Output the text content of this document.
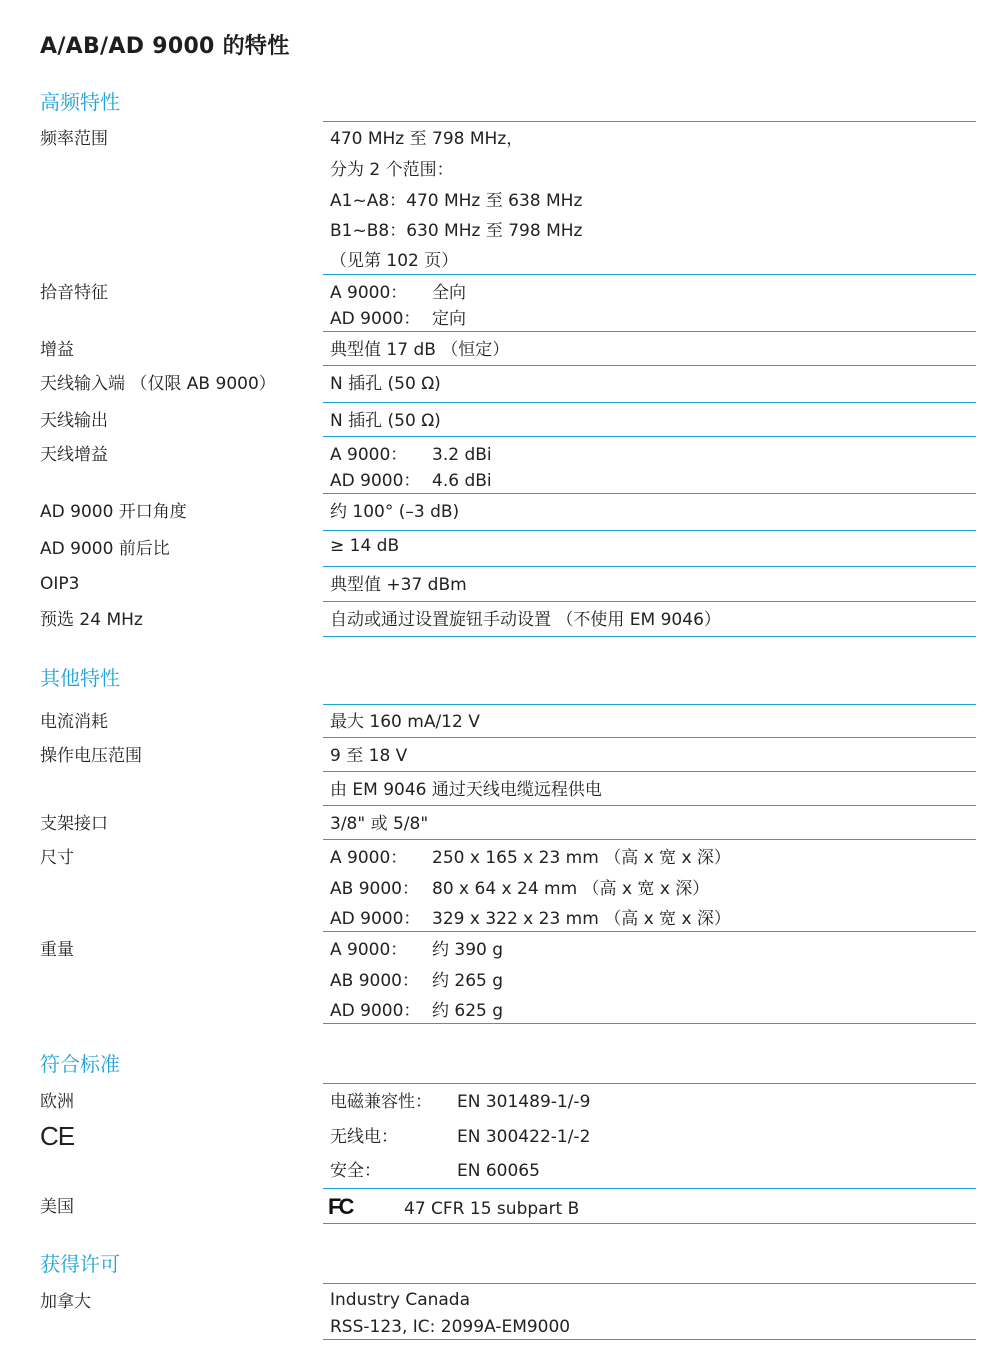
A/AB/AD 9000 的特性
高频特性
频率范围	470 MHz 至 798 MHz，
分为 2 个范围：
A1~A8：470 MHz 至 638 MHz
B1~B8：630 MHz 至 798 MHz
（见第 102 页）
拾音特征	A 9000： 全向
AD 9000： 定向
增益	典型值 17 dB （恒定）
天线输入端 （仅限 AB 9000）	N 插孔 (50 Ω)
天线输出	N 插孔 (50 Ω)
天线增益	A 9000： 3.2 dBi
AD 9000： 4.6 dBi
AD 9000 开口角度	约 100° (–3 dB)
AD 9000 前后比	≥ 14 dB
OIP3	典型值 +37 dBm
预选 24 MHz	自动或通过设置旋钮手动设置 （不使用 EM 9046）
其他特性
电流消耗	最大 160 mA/12 V
操作电压范围	9 至 18 V
由 EM 9046 通过天线电缆远程供电
支架接口	3/8" 或 5/8"
尺寸	A 9000： 250 x 165 x 23 mm （高 x 宽 x 深）
AB 9000： 80 x 64 x 24 mm （高 x 宽 x 深）
AD 9000： 329 x 322 x 23 mm （高 x 宽 x 深）
重量	A 9000： 约 390 g
AB 9000： 约 265 g
AD 9000： 约 625 g
符合标准
欧洲
CE
电磁兼容性： EN 301489-1/-9
无线电：	EN 300422-1/-2
安全：	EN 60065
美国	FC	47 CFR 15 subpart B
获得许可
加拿大	Industry Canada
RSS-123, IC: 2099A-EM9000
